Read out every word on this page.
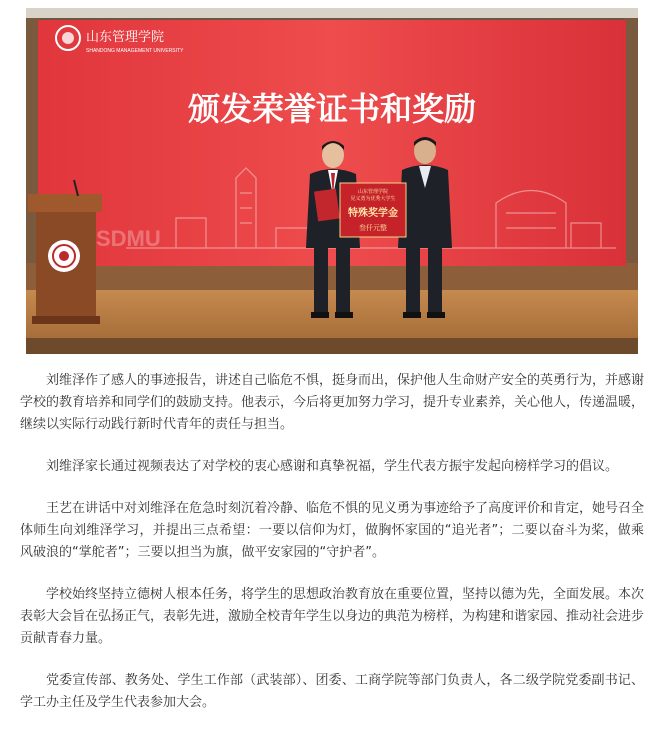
山东管理学院
SHANDONG MANAGEMENT UNIVERSITY
颁发荣誉证书和奖励
SDMU
山东管理学院
见义勇为优秀大学生
特殊奖学金
叁仟元整

刘维泽作了感人的事迹报告，讲述自己临危不惧，挺身而出，保护他人生命财产安全的英勇行为，并感谢学校的教育培养和同学们的鼓励支持。他表示，今后将更加努力学习，提升专业素养，关心他人，传递温暖，继续以实际行动践行新时代青年的责任与担当。

刘维泽家长通过视频表达了对学校的衷心感谢和真挚祝福，学生代表方振宇发起向榜样学习的倡议。

王艺在讲话中对刘维泽在危急时刻沉着冷静、临危不惧的见义勇为事迹给予了高度评价和肯定，她号召全体师生向刘维泽学习，并提出三点希望：一要以信仰为灯，做胸怀家国的“追光者”；二要以奋斗为桨，做乘风破浪的“掌舵者”；三要以担当为旗，做平安家园的“守护者”。

学校始终坚持立德树人根本任务，将学生的思想政治教育放在重要位置，坚持以德为先，全面发展。本次表彰大会旨在弘扬正气，表彰先进，激励全校青年学生以身边的典范为榜样，为构建和谐家园、推动社会进步贡献青春力量。

党委宣传部、教务处、学生工作部（武装部）、团委、工商学院等部门负责人，各二级学院党委副书记、学工办主任及学生代表参加大会。
